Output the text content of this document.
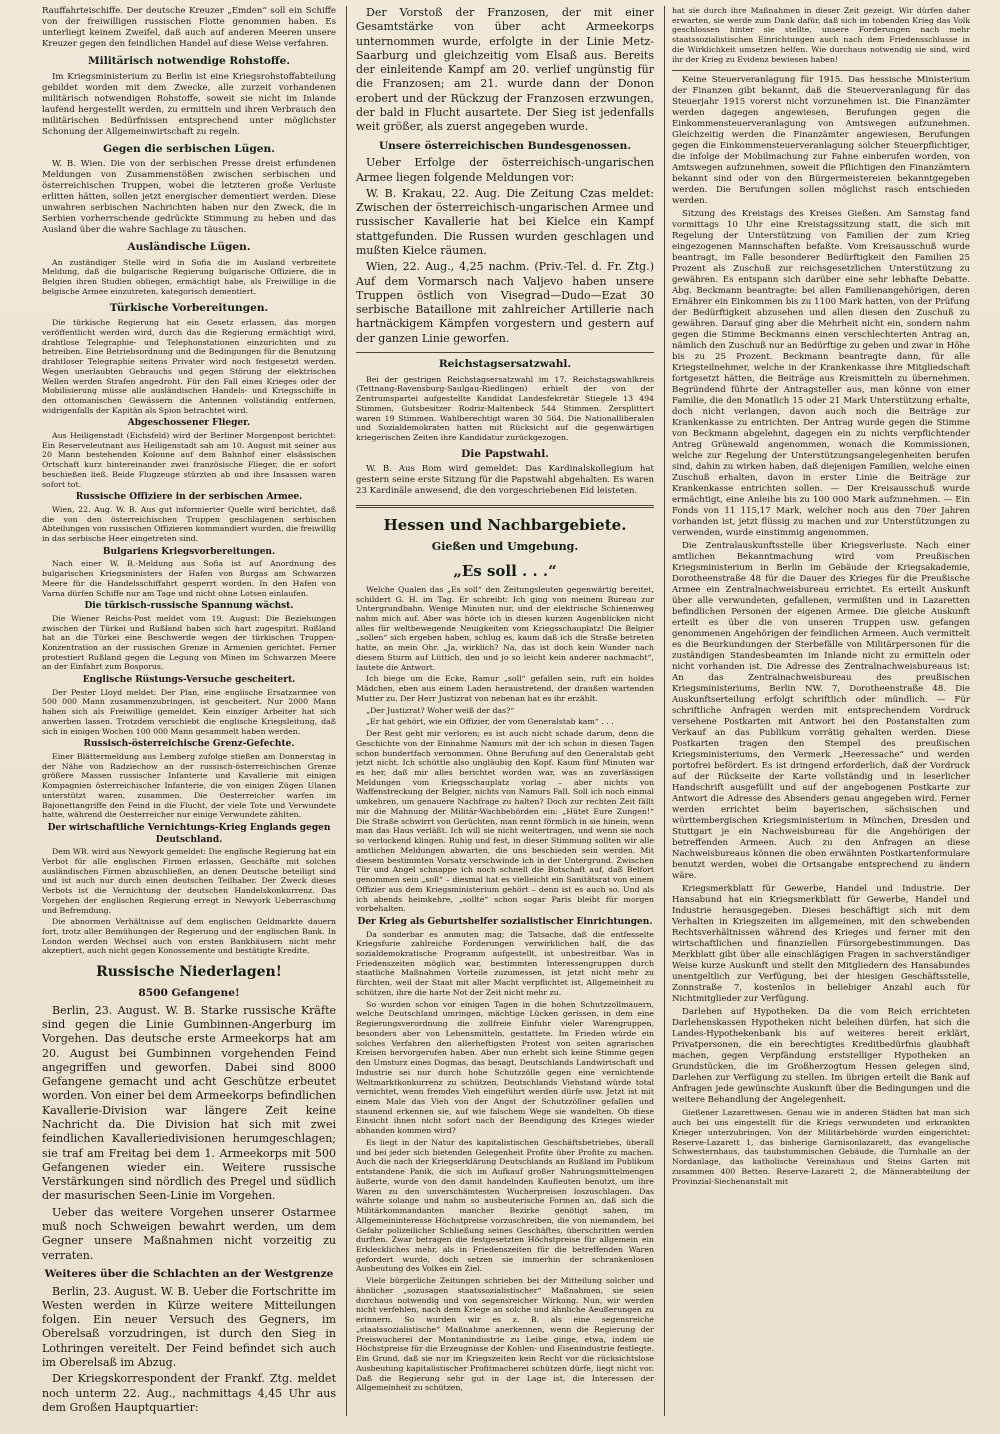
Rauffahrteischiffe. Der deutsche Kreuzer „Emden“ soll ein Schiffe von der freiwilligen russischen Flotte genommen haben. Es unterliegt keinem Zweifel, daß auch auf anderen Meeren unsere Kreuzer gegen den feindlichen Handel auf diese Weise verfahren.

Militärisch notwendige Rohstoffe.

Im Kriegsministerium zu Berlin ist eine Kriegsrohstoffabteilung gebildet worden mit dem Zwecke, alle zurzeit vorhandenen militärisch notwendigen Rohstoffe, soweit sie nicht im Inlande laufend hergestellt werden, zu ermitteln und ihren Verbrauch den militärischen Bedürfnissen entsprechend unter möglichster Schonung der Allgemeinwirtschaft zu regeln.

Gegen die serbischen Lügen.

W. B. Wien. Die von der serbischen Presse dreist erfundenen Meldungen von Zusammenstößen zwischen serbischen und österreichischen Truppen, wobei die letzteren große Verluste erlitten hätten, sollen jetzt energischer dementiert werden. Diese unwahren serbischen Nachrichten haben nur den Zweck, die in Serbien vorherrschende gedrückte Stimmung zu heben und das Ausland über die wahre Sachlage zu täuschen.

Ausländische Lügen.

An zuständiger Stelle wird in Sofia die im Ausland verbreitete Meldung, daß die bulgarische Regierung bulgarische Offiziere, die in Belgien ihren Studien obliegen, ermächtigt habe, als Freiwillige in die belgische Armee einzutreten, kategorisch dementiert.

Türkische Vorbereitungen.

Die türkische Regierung hat ein Gesetz erlassen, das morgen veröffentlicht werden wird, durch das die Regierung ermächtigt wird, drahtlose Telegraphie- und Telephonstationen einzurichten und zu betreiben. Eine Betriebsordnung und die Bedingungen für die Benutzung drahtloser Telegraphie seitens Privater wird noch festgesetzt werden. Wegen unerlaubten Gebrauchs und gegen Störung der elektrischen Wellen werden Strafen angedroht. Für den Fall eines Krieges oder der Mobilisierung müsse alle ausländischen Handels- und Kriegsschiffe in den ottomanischen Gewässern die Antennen vollständig entfernen, widrigenfalls der Kapitän als Spion betrachtet wird.

Abgeschossener Flieger.

Aus Heiligenstadt (Eichsfeld) wird der Berliner Morgenpost berichtet: Ein Reserveleutnant aus Heiligenstadt sah am 10. August mit seiner aus 20 Mann bestehenden Kolonne auf dem Bahnhof einer elsässischen Ortschaft kurz hintereinander zwei französische Flieger, die er sofort beschießen ließ. Beide Flugzeuge stürzten ab und ihre Insassen waren sofort tot.

Russische Offiziere in der serbischen Armee.

Wien, 22. Aug. W. B. Aus gut informierter Quelle wird berichtet, daß die von den österreichischen Truppen geschlagenen serbischen Abteilungen von russischen Offizieren kommandiert wurden, die freiwillig in das serbische Heer eingetreten sind.

Bulgariens Kriegsvorbereitungen.

Nach einer W. B.-Meldung aus Sofia ist auf Anordnung des bulgarischen Kriegsministers der Hafen von Burgas am Schwarzen Meere für die Handelsschiffahrt gesperrt worden. In den Hafen von Varna dürfen Schiffe nur am Tage und nicht ohne Lotsen einlaufen.

Die türkisch-russische Spannung wächst.

Die Wiener Reichs-Post meldet vom 19. August: Die Beziehungen zwischen der Türkei und Rußland haben sich hart zugespitzt. Rußland hat an die Türkei eine Beschwerde wegen der türkischen Truppen-Konzentration an der russischen Grenze in Armenien gerichtet. Ferner protestiert Rußland gegen die Legung von Minen im Schwarzen Meere an der Einfahrt zum Bosporus.

Englische Rüstungs-Versuche gescheitert.

Der Pester Lloyd meldet: Der Plan, eine englische Ersatzarmee von 500 000 Mann zusammenzubringen, ist gescheitert. Nur 2000 Mann haben sich als Freiwillige gemeldet. Kein einziger Arbeiter hat sich anwerben lassen. Trotzdem verschiebt die englische Kriegsleitung, daß sich in einigen Wochen 100 000 Mann gesammelt haben werden.

Russisch-österreichische Grenz-Gefechte.

Einer Blättermeldung aus Lemberg zufolge stießen am Donnerstag in der Nähe von Radziechow an der russisch-österreichischen Grenze größere Massen russischer Infanterie und Kavallerie mit einigen Kompagnien österreichischer Infanterie, die von einigen Zügen Ulanen unterstützt waren, zusammen. Die Oesterreicher warfen im Bajonettangriffe den Feind in die Flucht, der viele Tote und Verwundete hatte, während die Oesterreicher nur einige Verwundete zählten.

Der wirtschaftliche Vernichtungs-Krieg Englands gegen Deutschland.

Dem WB. wird aus Newyork gemeldet: Die englische Regierung hat ein Verbot für alle englischen Firmen erlassen, Geschäfte mit solchen ausländischen Firmen abzuschließen, an denen Deutsche beteiligt sind und ist auch nur durch einen deutschen Teilhaber. Der Zweck dieses Verbots ist die Vernichtung der deutschen Handelskonkurrenz. Das Vorgehen der englischen Regierung erregt in Newyork Ueberraschung und Befremdung.

Die abnormen Verhältnisse auf dem englischen Geldmarkte dauern fort, trotz aller Bemühungen der Regierung und der englischen Bank. In London werden Wechsel auch von ersten Bankhäusern nicht mehr akzeptiert, auch nicht gegen Konossemente und bestätigte Kredite.

Russische Niederlagen!
8500 Gefangene!

Berlin, 23. August. W. B. Starke russische Kräfte sind gegen die Linie Gumbinnen-Angerburg im Vorgehen. Das deutsche erste Armeekorps hat am 20. August bei Gumbinnen vorgehenden Feind angegriffen und geworfen. Dabei sind 8000 Gefangene gemacht und acht Geschütze erbeutet worden. Von einer bei dem Armeekorps befindlichen Kavallerie-Division war längere Zeit keine Nachricht da. Die Division hat sich mit zwei feindlichen Kavalleriedivisionen herumgeschlagen; sie traf am Freitag bei dem 1. Armeekorps mit 500 Gefangenen wieder ein. Weitere russische Verstärkungen sind nördlich des Pregel und südlich der masurischen Seen-Linie im Vorgehen.

Ueber das weitere Vorgehen unserer Ostarmee muß noch Schweigen bewahrt werden, um dem Gegner unsere Maßnahmen nicht vorzeitig zu verraten.

Weiteres über die Schlachten an der Westgrenze

Berlin, 23. August. W. B. Ueber die Fortschritte im Westen werden in Kürze weitere Mitteilungen folgen. Ein neuer Versuch des Gegners, im Oberelsaß vorzudringen, ist durch den Sieg in Lothringen vereitelt. Der Feind befindet sich auch im Oberelsaß im Abzug.

Der Kriegskorrespondent der Frankf. Ztg. meldet noch unterm 22. Aug., nachmittags 4,45 Uhr aus dem Großen Hauptquartier:

Der Vorstoß der Franzosen, der mit einer Gesamtstärke von über acht Armeekorps unternommen wurde, erfolgte in der Linie Metz-Saarburg und gleichzeitig vom Elsaß aus. Bereits der einleitende Kampf am 20. verlief ungünstig für die Franzosen; am 21. wurde dann der Donon erobert und der Rückzug der Franzosen erzwungen, der bald in Flucht ausartete. Der Sieg ist jedenfalls weit größer, als zuerst angegeben wurde.

Unsere österreichischen Bundesgenossen.

Ueber Erfolge der österreichisch-ungarischen Armee liegen folgende Meldungen vor:

W. B. Krakau, 22. Aug. Die Zeitung Czas meldet: Zwischen der österreichisch-ungarischen Armee und russischer Kavallerie hat bei Kielce ein Kampf stattgefunden. Die Russen wurden geschlagen und mußten Kielce räumen.

Wien, 22. Aug., 4,25 nachm. (Priv.-Tel. d. Fr. Ztg.) Auf dem Vormarsch nach Valjevo haben unsere Truppen östlich von Visegrad—Dudo—Ezat 30 serbische Bataillone mit zahlreicher Artillerie nach hartnäckigem Kämpfen vorgestern und gestern auf der ganzen Linie geworfen.

Reichstagsersatzwahl.

Bei der gestrigen Reichstagsersatzwahl im 17. Reichstagswahlkreis (Tettnang-Ravensburg-Saulgau-Riedlingen) erhielt der von der Zentrumspartei aufgestellte Kandidat Landesfekretär Stiegele 13 494 Stimmen, Gutsbesitzer Rodriz-Maltenbeck 544 Stimmen. Zersplittert waren 19 Stimmen. Wahlberechtigt waren 30 564. Die Nationalliberalen und Sozialdemokraten hatten mit Rücksicht auf die gegenwärtigen kriegerischen Zeiten ihre Kandidatur zurückgezogen.

Die Papstwahl.

W. B. Aus Rom wird gemeldet: Das Kardinalskollegium hat gestern seine erste Sitzung für die Papstwahl abgehalten. Es waren 23 Kardinäle anwesend, die den vorgeschriebenen Eid leisteten.

Hessen und Nachbargebiete.
Gießen und Umgebung.
„Es soll . . .“

Welche Qualen das „Es soll“ den Zeitungsleuten gegenwärtig bereitet, schildert G. H. im Tag. Er schreibt: Ich ging von meinem Bureau zur Untergrundbahn. Wenige Minuten nur, und der elektrische Schienenweg nahm mich auf. Aber was hörte ich in diesen kurzen Augenblicken nicht alles für weltbewegende Neuigkeiten vom Kriegsschauplatz! Die Belgier „sollen“ sich ergeben haben, schlug es, kaum daß ich die Straße betreten hatte, an mein Ohr. „Ja, wirklich? Na, das ist doch kein Wunder nach diesem Sturm auf Lüttich, den und jo so leicht kein anderer nachmacht“, lautete die Antwort.

Ich biege um die Ecke, Ramur „soll“ gefallen sein, ruft ein holdes Mädchen, eben aus einem Laden heraustretend, der draußen wartenden Mutter zu. Der Herr Justizrat von nebenan hat es ihr erzählt.

„Der Justizrat? Woher weiß der das?“

„Er hat gehört, wie ein Offizier, der vom Generalstab kam“ . . .

Der Rest geht mir verloren; es ist auch nicht schade darum, denn die Geschichte von der Einnahme Namurs mit der ich schon in diesen Tagen schon hundertfach vernommen. Ohne Berufung auf den Generalstab geht jetzt nicht. Ich schüttle also ungläubig den Kopf. Kaum fünf Minuten war es her, daß mir alles berichtet worden war, was an zuverlässigen Meldungen vom Kriegsschauplatz vorlag – aber nichts von Waffenstreckung der Belgier, nichts von Namurs Fall. Soll ich noch einmal umkehren, um genauere Nachfrage zu halten? Doch zur rechten Zeit fällt mir die Mahnung der Militär-Wachbehörden ein: „Hütet Eure Zungen!“ Die Straße schwirrt von Gerüchten, man rennt förmlich in sie hinein, wenn man das Haus verläßt. Ich will sie nicht weitertragen, und wenn sie noch so verlockend klingen. Ruhig und fest, in dieser Stimmung sollten wir alle amtlichen Meldungen abwarten, die uns beschieden sein werden. Mit diesem bestimmten Vorsatz verschwinde ich in der Untergrund. Zwischen Tür und Angel schnappe ich noch schnell die Botschaft auf, daß Belfort genommen sein „soll“ – diesmal hat es vielleicht ein Sanitätsrat von einem Offizier aus dem Kriegsministerium gehört – denn ist es auch so. Und als ich abends heimkehre, „sollte“ schon sogar Paris bleibt für morgen vorbehalten.

Der Krieg als Geburtshelfer sozialistischer Einrichtungen.

Da sonderbar es anmuten mag; die Tatsache, daß die entfesselte Kriegsfurie zahlreiche Forderungen verwirklichen half, die das sozialdemokratische Programm aufgestellt, ist unbestreitbar. Was in Friedenszeiten möglich war, bestimmten Interessengruppen durch staatliche Maßnahmen Vorteile zuzumessen, ist jetzt nicht mehr zu fürchten, weil der Staat mit aller Macht verpflichtet ist, Allgemeinheit zu schützen, ihre die harte Not der Zeit nicht mehr zu.

So wurden schon vor einigen Tagen in die hohen Schutzzollmauern, welche Deutschland umringen, mächtige Lücken gerissen, in dem eine Regierungsverordnung die zollfreie Einfuhr vieler Warengruppen, besonders aber von Lebensmitteln, gestattete. Im Frieden würde ein solches Verfahren den allerheftigsten Protest von seiten agrarischen Kreisen hervorgerufen haben. Aber nun erhebt sich keine Stimme gegen den Umsturz eines Dogmas, das besagt, Deutschlands Landwirtschaft und Industrie sei nur durch hohe Schutzzölle gegen eine vernichtende Weltmarktkonkurrenz zu schützen, Deutschlands Viehstand würde total vernichtet, wenn fremdes Vieh eingeführt werden dürfe usw. Jetzt ist mit einem Male das Vieh von der Angst der Schutzzöllner gefallen und staunend erkennen sie, auf wie falschem Wege sie wandelten. Ob diese Einsicht ihnen nicht sofort nach der Beendigung des Krieges wieder abhanden kommen wird?

Es liegt in der Natur des kapitalistischen Geschäftsbetriebes, überall und bei jeder sich bietenden Gelegenheit Profite über Profite zu machen. Auch die nach der Kriegserklärung Deutschlands an Rußland im Publikum entstandene Panik, die sich im Aufkauf großer Nahrungsmittelmengen äußerte, wurde von den damit handelnden Kaufleuten benutzt, um ihre Waren zu den unverschämtesten Wucherpreisen loszuschlagen. Das währte solange und nahm so ausbeuterische Formen an, daß sich die Militärkommandanten mancher Bezirke genötigt sahen, im Allgemeininteresse Höchstpreise vorzuschreiben, die von niemandem, bei Gefahr polizeilicher Schließung seines Geschäftes, überschritten werden durften. Zwar betragen die festgesetzten Höchstpreise für allgemein ein Erkleckliches mehr, als in Friedenszeiten für die betreffenden Waren gefordert wurde, doch setzen sie immerhin der schrankenlosen Ausbeutung des Volkes ein Ziel.

Viele bürgerliche Zeitungen schrieben bei der Mitteilung solcher und ähnlicher „sozusagen staatssozialistischer“ Maßnahmen, sie seien durchaus notwendig und von segensreicher Wirkung. Nun, wir werden nicht verfehlen, nach dem Kriege an solche und ähnliche Aeußerungen zu erinnern. So wurden wir es z. B. als eine segensreiche „staatssozialistische“ Maßnahme anerkennen, wenn die Regierung der Preiswucherei der Montanindustrie zu Leibe ginge, etwa, indem sie Höchstpreise für die Erzeugnisse der Kohlen- und Eisenindustrie festlegte. Ein Grund, daß sie nur im Kriegszeiten kein Recht vor die rücksichtslose Ausbeutung kapitalistischer Profitmacherei schützen dürfe, liegt nicht vor. Daß die Regierung sehr gut in der Lage ist, die Interessen der Allgemeinheit zu schützen,

hat sie durch ihre Maßnahmen in dieser Zeit gezeigt. Wir dürfen daher erwarten, sie werde zum Dank dafür, daß sich im tobenden Krieg das Volk geschlossen hinter sie stellte, unsere Forderungen nach mehr staatssozialistischen Einrichtungen auch nach dem Friedensschlusse in die Wirklichkeit umsetzen helfen. Wie durchaus notwendig sie sind, wird ihr der Krieg zu Evidenz bewiesen haben!

Keine Steuerveranlagung für 1915. Das hessische Ministerium der Finanzen gibt bekannt, daß die Steuerveranlagung für das Steuerjahr 1915 vorerst nicht vorzunehmen ist. Die Finanzämter werden dagegen angewiesen, Berufungen gegen die Einkommensteuerveranlagung von Amtswegen aufzunehmen. Gleichzeitig werden die Finanzämter angewiesen, Berufungen gegen die Einkommensteuerveranlagung solcher Steuerpflichtiger, die infolge der Mobilmachung zur Fahne einberufen worden, von Amtswegen aufzunehmen, soweit die Pflichtigen den Finanzämtern bekannt sind oder von den Bürgermeistereien bekanntgegeben werden. Die Berufungen sollen möglichst rasch entschieden werden.

Sitzung des Kreistags des Kreises Gießen. Am Samstag fand vormittags 10 Uhr eine Kreistagssitzung statt, die sich mit Regelung der Unterstützung von Familien der zum Krieg eingezogenen Mannschaften befaßte. Vom Kreisausschuß wurde beantragt, im Falle besonderer Bedürftigkeit den Familien 25 Prozent als Zuschuß zur reichsgesetzlichen Unterstützung zu gewähren. Es entspann sich darüber eine sehr lebhafte Debatte. Abg. Beckmann beantragte: bei allen Familienangehörigen, deren Ernährer ein Einkommen bis zu 1100 Mark hatten, von der Prüfung der Bedürftigkeit abzusehen und allen diesen den Zuschuß zu gewähren. Darauf ging aber die Mehrheit nicht ein, sondern nahm gegen die Stimme Beckmanns einen verschlechterten Antrag an, nämlich den Zuschuß nur an Bedürftige zu geben und zwar in Höhe bis zu 25 Prozent. Beckmann beantragte dann, für alle Kriegsteilnehmer, welche in der Krankenkasse ihre Mitgliedschaft fortgesetzt hätten, die Beiträge aus Kreismitteln zu übernehmen. Begründend führte der Antragsteller aus, man könne von einer Familie, die den Monatlich 15 oder 21 Mark Unterstützung erhalte, doch nicht verlangen, davon auch noch die Beiträge zur Krankenkasse zu entrichten. Der Antrag wurde gegen die Stimme von Beckmann abgelehnt, dagegen ein zu nichts verpflichtender Antrag Grünewald angenommen, wonach die Kommissionen, welche zur Regelung der Unterstützungsangelegenheiten berufen sind, dahin zu wirken haben, daß diejenigen Familien, welche einen Zuschuß erhalten, davon in erster Linie die Beiträge zur Krankenkasse entrichten sollen. — Der Kreisausschuß wurde ermächtigt, eine Anleihe bis zu 100 000 Mark aufzunehmen. — Ein Fonds von 11 115,17 Mark, welcher noch aus den 70er Jahren vorhanden ist, jetzt flüssig zu machen und zur Unterstützungen zu verwenden, wurde einstimmig angenommen.

Die Zentralauskunftsstelle über Kriegsverluste. Nach einer amtlichen Bekanntmachung wird vom Preußischen Kriegsministerium in Berlin im Gebäude der Kriegsakademie, Dorotheenstraße 48 für die Dauer des Krieges für die Preußische Armee ein Zentralnachweisbureau errichtet. Es erteilt Auskunft über alle verwundeten, gefallenen, vermißten und in Lazaretten befindlichen Personen der eigenen Armee. Die gleiche Auskunft erteilt es über die von unseren Truppen usw. gefangen genommenen Angehörigen der feindlichen Armeen. Auch vermittelt es die Beurkundungen der Sterbefälle von Militärpersonen für die zuständigen Standesbeamten im Inlande nicht zu ermitteln oder nicht vorhanden ist. Die Adresse des Zentralnachweisbureaus ist: An das Zentralnachweisbureau des preußischen Kriegsministeriums, Berlin NW. 7, Dorotheenstraße 48. Die Auskunftserteilung erfolgt schriftlich oder mündlich. — Für schriftliche Anfragen werden mit entsprechendem Vordruck versehene Postkarten mit Antwort bei den Postanstalten zum Verkauf an das Publikum vorrätig gehalten werden. Diese Postkarten tragen den Stempel des preußischen Kriegsministeriums, den Vermerk „Heeressache“ und werden portofrei befördert. Es ist dringend erforderlich, daß der Vordruck auf der Rückseite der Karte vollständig und in leserlicher Handschrift ausgefüllt und auf der angebogenen Postkarte zur Antwort die Adresse des Absenders genau angegeben wird. Ferner werden errichtet beim bayerischen, sächsischen und württembergischen Kriegsministerium in München, Dresden und Stuttgart je ein Nachweisbureau für die Angehörigen der betreffenden Armeen. Auch zu den Anfragen an diese Nachweisbureaus können die oben erwähnten Postkartenformulare benutzt werden, wobei die Ortsangabe entsprechend zu ändern wäre.

Kriegsmerkblatt für Gewerbe, Handel und Industrie. Der Hansabund hat ein Kriegsmerkblatt für Gewerbe, Handel und Industrie herausgegeben. Dieses beschäftigt sich mit dem Verhalten in Kriegszeiten im allgemeinen, mit den schwebenden Rechtsverhältnissen während des Krieges und ferner mit den wirtschaftlichen und finanziellen Fürsorgebestimmungen. Das Merkblatt gibt über alle einschlägigen Fragen in sachverständiger Weise kurze Auskunft und stellt den Mitgliedern des Hansabundes unentgeltlich zur Verfügung, bei der hiesigen Geschäftsstelle, Zonnstraße 7, kostenlos in beliebiger Anzahl auch für Nichtmitglieder zur Verfügung.

Darlehen auf Hypotheken. Da die vom Reich errichteten Darlehenskassen Hypotheken nicht beleihen dürfen, hat sich die Landes-Hypothekenbank bis auf weiteres bereit erklärt, Privatpersonen, die ein berechtigtes Kreditbedürfnis glaubhaft machen, gegen Verpfändung erststelliger Hypotheken an Grundstücken, die im Großherzogtum Hessen gelegen sind, Darlehen zur Verfügung zu stellen. Im übrigen erteilt die Bank auf Anfragen jede gewünschte Auskunft über die Bedingungen und die weitere Behandlung der Angelegenheit.

Gießener Lazarettwesen. Genau wie in anderen Städten hat man sich auch bei uns eingestellt für die Kriegs verwundeten und erkrankten Krieger unterzubringen. Von der Militärbehörde wurden eingerichtet: Reserve-Lazarett 1, das bisherige Garnisonlazarett, das evangelische Schwesternhaus, das taubstummischen Gebäude, die Turnhalle an der Nordanlage, das katholische Vereinshaus und Steins Garten mit zusammen 400 Betten. Reserve-Lazarett 2, die Männerabteilung der Provinzial-Siechenanstalt mit
